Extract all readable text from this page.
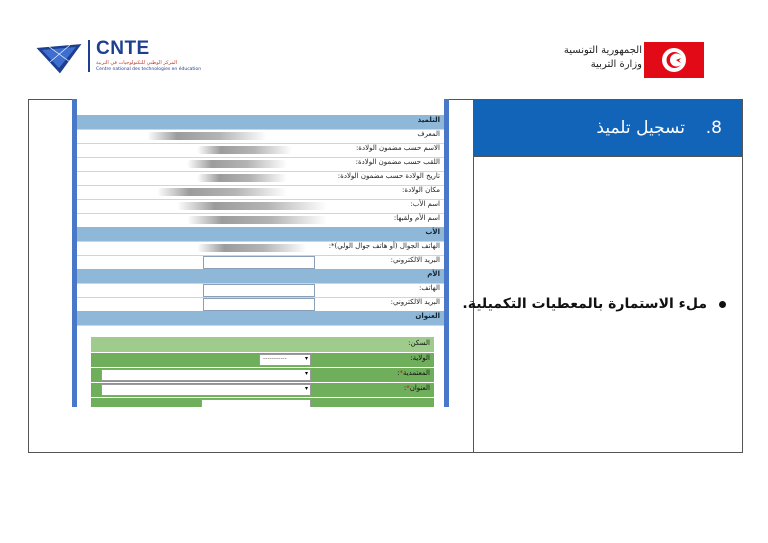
CNTE
المركز الوطني للتكنولوجيات في التربية
Centre national des technologies en éducation
الجمهورية التونسية
وزارة التربية
8.  تسجيل تلميذ
ملء الاستمارة بالمعطيات التكميلية.
التلميذ
المعرف
الاسم حسب مضمون الولادة:
اللقب حسب مضمون الولادة:
تاريخ الولادة حسب مضمون الولادة:
مكان الولادة:
اسم الأب:
اسم الأم ولقبها:
الأب
الهاتف الجوال (أو هاتف جوال الولي)*:
البريد الالكتروني:
الأم
الهاتف:
البريد الالكتروني:
العنوان
السكن:
الولاية:
-----------	▾
المعتمدية*:
▾
العنوان*:
▾
